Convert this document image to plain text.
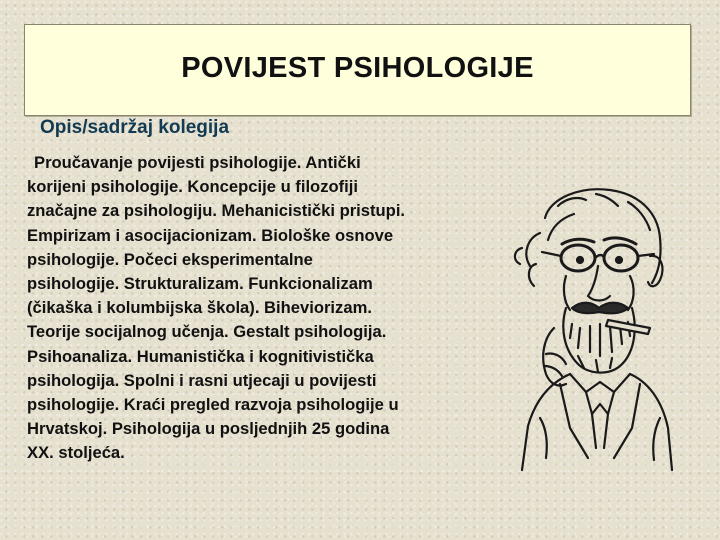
POVIJEST PSIHOLOGIJE
Opis/sadržaj kolegija
Proučavanje povijesti psihologije. Antički
korijeni psihologije. Koncepcije u filozofiji
značajne za psihologiju. Mehanicistički pristupi.
Empirizam i asocijacionizam. Biološke osnove
psihologije. Počeci eksperimentalne
psihologije. Strukturalizam. Funkcionalizam
(čikaška i kolumbijska škola). Biheviorizam.
Teorije socijalnog učenja. Gestalt psihologija.
Psihoanaliza. Humanistička i kognitivistička
psihologija. Spolni i rasni utjecaji u povijesti
psihologije. Kraći pregled razvoja psihologije u
Hrvatskoj. Psihologija u posljednjih 25 godina
XX. stoljeća.
